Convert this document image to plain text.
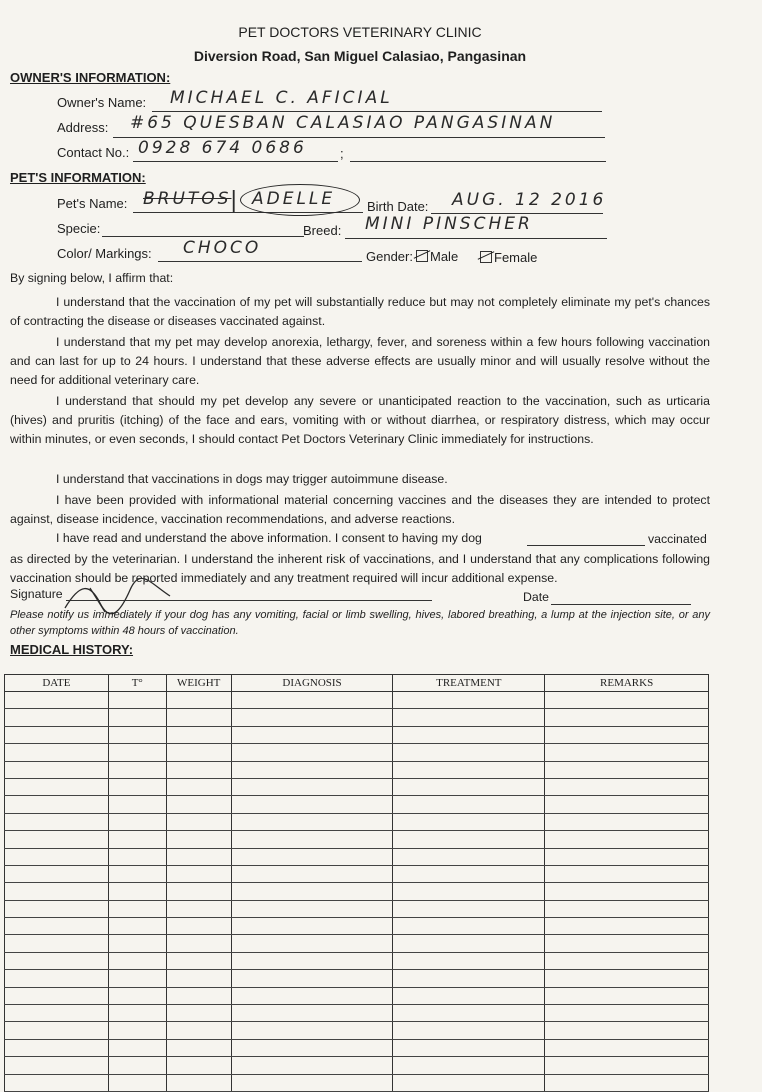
PET DOCTORS VETERINARY CLINIC
Diversion Road, San Miguel Calasiao, Pangasinan
OWNER'S INFORMATION:
Owner's Name: MICHAEL C. AFICIAL
Address: #65 QUESBAN CALASIAO PANGASINAN
Contact No.: 0928 674 0686	;
PET'S INFORMATION:
Pet's Name: BRUTOS
| ADELLE Birth Date: AUG. 12 2016
Specie:	Breed: MINI PINSCHER
Color/ Markings: CHOCO	Gender:	Male	Female
By signing below, I affirm that:
I understand that the vaccination of my pet will substantially reduce but may not completely eliminate my pet's chances of contracting the disease or diseases vaccinated against.
I understand that my pet may develop anorexia, lethargy, fever, and soreness within a few hours following vaccination and can last for up to 24 hours. I understand that these adverse effects are usually minor and will usually resolve without the need for additional veterinary care.
I understand that should my pet develop any severe or unanticipated reaction to the vaccination, such as urticaria (hives) and pruritis (itching) of the face and ears, vomiting with or without diarrhea, or respiratory distress, which may occur within minutes, or even seconds, I should contact Pet Doctors Veterinary Clinic immediately for instructions.
I understand that vaccinations in dogs may trigger autoimmune disease.
I have been provided with informational material concerning vaccines and the diseases they are intended to protect against, disease incidence, vaccination recommendations, and adverse reactions.
I have read and understand the above information. I consent to having my dog	vaccinated
as directed by the veterinarian. I understand the inherent risk of vaccinations, and I understand that any complications following vaccination should be reported immediately and any treatment required will incur additional expense.
Signature	Date
Please notify us immediately if your dog has any vomiting, facial or limb swelling, hives, labored breathing, a lump at the injection site, or any other symptoms within 48 hours of vaccination.
MEDICAL HISTORY:
DATE	T°	WEIGHT	DIAGNOSIS	TREATMENT	REMARKS
